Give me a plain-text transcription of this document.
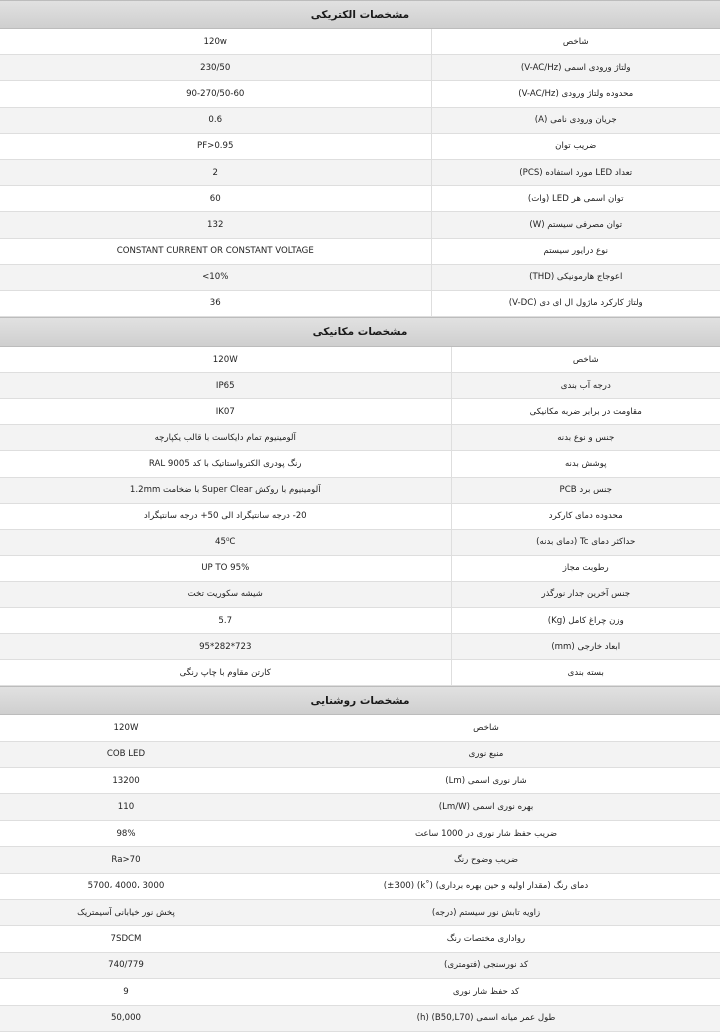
مشخصات الکتریکی
120w	شاخص
230/50	ولتاژ ورودی اسمی (V-AC/Hz)
90-270/50-60	محدوده ولتاژ ورودی (V-AC/Hz)
0.6	جریان ورودی نامی (A)
PF>0.95	ضریب توان
2	تعداد LED مورد استفاده (PCS)
60	توان اسمی هر LED (وات)
132	توان مصرفی سیستم (W)
CONSTANT CURRENT OR CONSTANT VOLTAGE	نوع درایور سیستم
10%>	اعوجاج هارمونیکی (THD)
36	ولتاژ کارکرد ماژول ال ای دی (V-DC)
مشخصات مکانیکی
120W	شاخص
IP65	درجه آب بندی
IK07	مقاومت در برابر ضربه مکانیکی
آلومینیوم تمام دایکاست با قالب یکپارچه	جنس و نوع بدنه
رنگ پودری الکترواستاتیک با کد RAL 9005	پوشش بدنه
آلومینیوم با روکش Super Clear با ضخامت 1.2mm	جنس برد PCB
20- درجه سانتیگراد الی 50+ درجه سانتیگراد	محدوده دمای کارکرد
45⁰C	حداکثر دمای Tc (دمای بدنه)
UP TO 95%	رطوبت مجاز
شیشه سکوریت تخت	جنس آخرین جدار نورگذر
5.7	وزن چراغ کامل (Kg)
723*282*95	ابعاد خارجی (mm)
کارتن مقاوم با چاپ رنگی	بسته بندی
مشخصات روشنایی
120W	شاخص
COB LED	منبع نوری
13200	شار نوری اسمی (Lm)
110	بهره نوری اسمی (Lm/W)
98%	ضریب حفظ شار نوری در 1000 ساعت
Ra>70	ضریب وضوح رنگ
3000 ،4000 ،5700	دمای رنگ (مقدار اولیه و حین بهره برداری) (˚k) (±300)
پخش نور خیابانی آسیمتریک	زاویه تابش نور سیستم (درجه)
7SDCM	رواداری مختصات رنگ
740/779	کد نورسنجی (فتومتری)
9	کد حفظ شار نوری
50,000	طول عمر میانه اسمی (B50,L70) (h)
